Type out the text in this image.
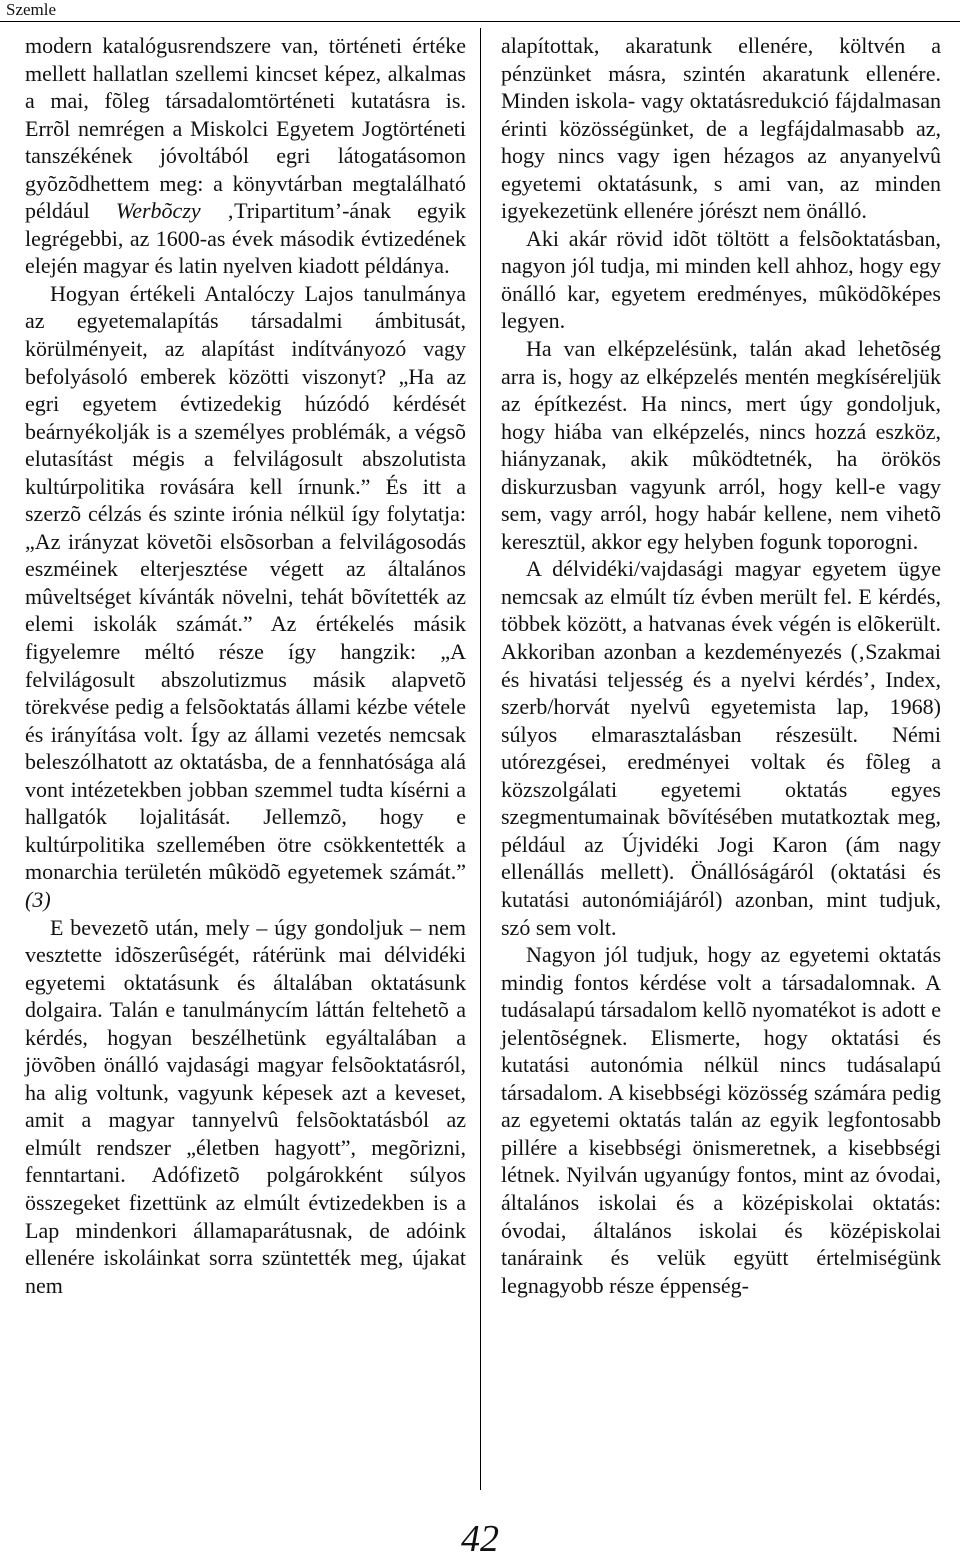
Szemle

modern katalógusrendszere van, történeti értéke mellett hallatlan szellemi kincset képez, alkalmas a mai, fõleg társadalomtörténeti kutatásra is. Errõl nemrégen a Miskolci Egyetem Jogtörténeti tanszékének jóvoltából egri látogatásomon gyõzõdhettem meg: a könyvtárban megtalálható például Werbõczy ‚Tripartitum’-ának egyik legrégebbi, az 1600-as évek második évtizedének elején magyar és latin nyelven kiadott példánya.

Hogyan értékeli Antalóczy Lajos tanulmánya az egyetemalapítás társadalmi ámbitusát, körülményeit, az alapítást indítványozó vagy befolyásoló emberek közötti viszonyt? „Ha az egri egyetem évtizedekig húzódó kérdését beárnyékolják is a személyes problémák, a végsõ elutasítást mégis a felvilágosult abszolutista kultúrpolitika rovására kell írnunk.” És itt a szerzõ célzás és szinte irónia nélkül így folytatja: „Az irányzat követõi elsõsorban a felvilágosodás eszméinek elterjesztése végett az általános mûveltséget kívánták növelni, tehát bõvítették az elemi iskolák számát.” Az értékelés másik figyelemre méltó része így hangzik: „A felvilágosult abszolutizmus másik alapvetõ törekvése pedig a felsõoktatás állami kézbe vétele és irányítása volt. Így az állami vezetés nemcsak beleszólhatott az oktatásba, de a fennhatósága alá vont intézetekben jobban szemmel tudta kísérni a hallgatók lojalitását. Jellemzõ, hogy e kultúrpolitika szellemében ötre csökkentették a monarchia területén mûködõ egyetemek számát.” (3)

E bevezetõ után, mely – úgy gondoljuk – nem vesztette idõszerûségét, rátérünk mai délvidéki egyetemi oktatásunk és általában oktatásunk dolgaira. Talán e tanulmánycím láttán feltehetõ a kérdés, hogyan beszélhetünk egyáltalában a jövõben önálló vajdasági magyar felsõoktatásról, ha alig voltunk, vagyunk képesek azt a keveset, amit a magyar tannyelvû felsõoktatásból az elmúlt rendszer „életben hagyott”, megõrizni, fenntartani. Adófizetõ polgárokként súlyos összegeket fizettünk az elmúlt évtizedekben is a Lap mindenkori államaparátusnak, de adóink ellenére iskoláinkat sorra szüntették meg, újakat nem

alapítottak, akaratunk ellenére, költvén a pénzünket másra, szintén akaratunk ellenére. Minden iskola- vagy oktatásredukció fájdalmasan érinti közösségünket, de a legfájdalmasabb az, hogy nincs vagy igen hézagos az anyanyelvû egyetemi oktatásunk, s ami van, az minden igyekezetünk ellenére jórészt nem önálló.

Aki akár rövid idõt töltött a felsõoktatásban, nagyon jól tudja, mi minden kell ahhoz, hogy egy önálló kar, egyetem eredményes, mûködõképes legyen.

Ha van elképzelésünk, talán akad lehetõség arra is, hogy az elképzelés mentén megkíséreljük az építkezést. Ha nincs, mert úgy gondoljuk, hogy hiába van elképzelés, nincs hozzá eszköz, hiányzanak, akik mûködtetnék, ha örökös diskurzusban vagyunk arról, hogy kell-e vagy sem, vagy arról, hogy habár kellene, nem vihetõ keresztül, akkor egy helyben fogunk toporogni.

A délvidéki/vajdasági magyar egyetem ügye nemcsak az elmúlt tíz évben merült fel. E kérdés, többek között, a hatvanas évek végén is elõkerült. Akkoriban azonban a kezdeményezés (‚Szakmai és hivatási teljesség és a nyelvi kérdés’, Index, szerb/horvát nyelvû egyetemista lap, 1968) súlyos elmarasztalásban részesült. Némi utórezgései, eredményei voltak és fõleg a közszolgálati egyetemi oktatás egyes szegmentumainak bõvítésében mutatkoztak meg, például az Újvidéki Jogi Karon (ám nagy ellenállás mellett). Önállóságáról (oktatási és kutatási autonómiájáról) azonban, mint tudjuk, szó sem volt.

Nagyon jól tudjuk, hogy az egyetemi oktatás mindig fontos kérdése volt a társadalomnak. A tudásalapú társadalom kellõ nyomatékot is adott e jelentõségnek. Elismerte, hogy oktatási és kutatási autonómia nélkül nincs tudásalapú társadalom. A kisebbségi közösség számára pedig az egyetemi oktatás talán az egyik legfontosabb pillére a kisebbségi önismeretnek, a kisebbségi létnek. Nyilván ugyanúgy fontos, mint az óvodai, általános iskolai és a középiskolai oktatás: óvodai, általános iskolai és középiskolai tanáraink és velük együtt értelmiségünk legnagyobb része éppenség-

42
